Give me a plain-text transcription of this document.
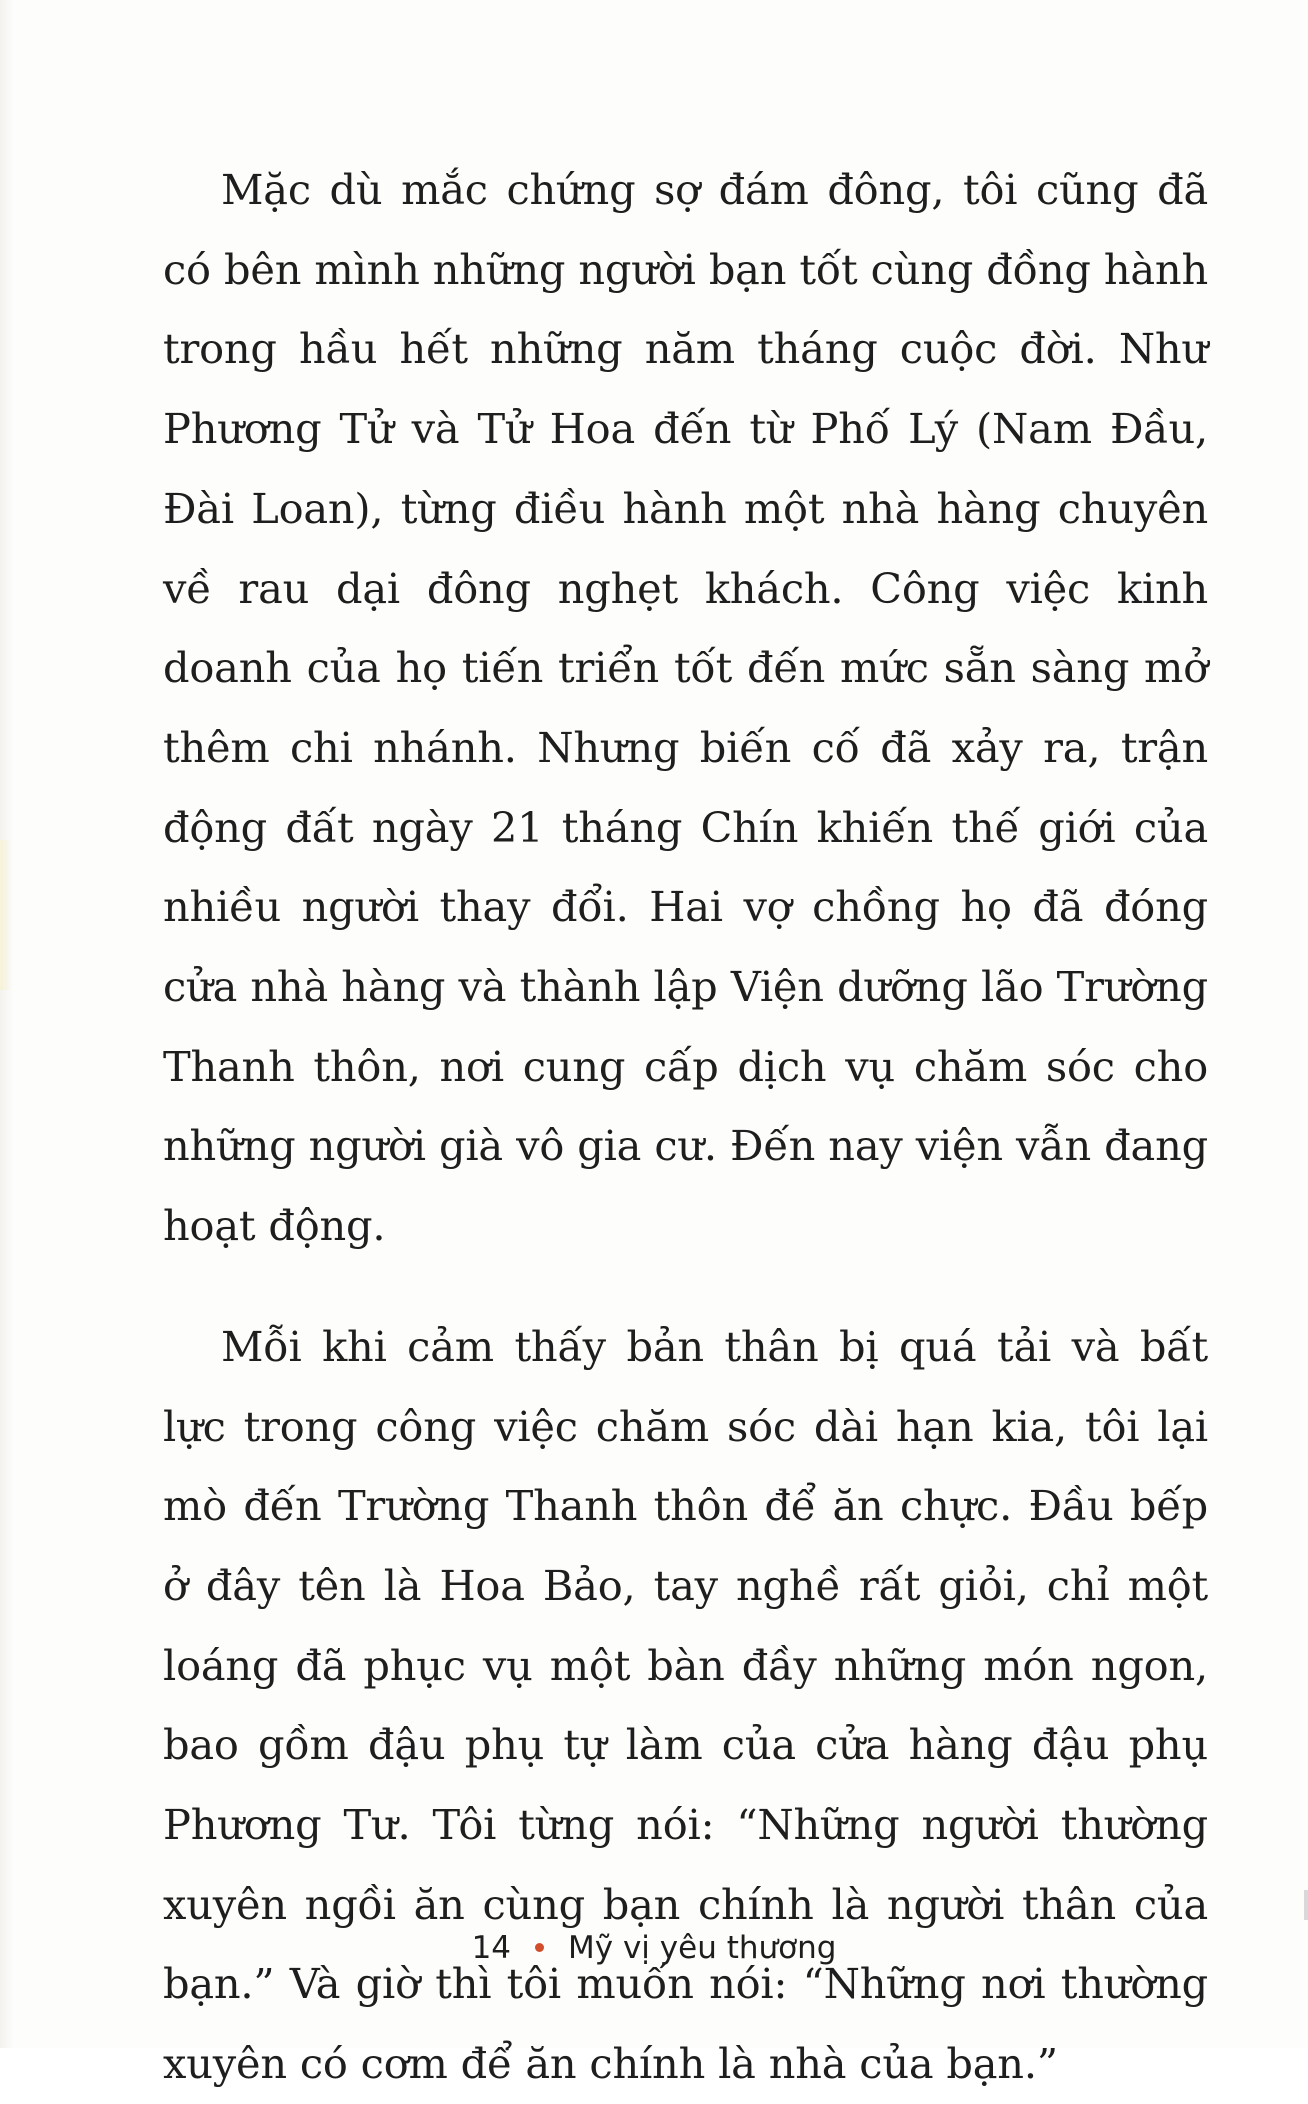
Mặc dù mắc chứng sợ đám đông, tôi cũng đã có bên mình những người bạn tốt cùng đồng hành trong hầu hết những năm tháng cuộc đời. Như Phương Tử và Tử Hoa đến từ Phố Lý (Nam Đầu, Đài Loan), từng điều hành một nhà hàng chuyên về rau dại đông nghẹt khách. Công việc kinh doanh của họ tiến triển tốt đến mức sẵn sàng mở thêm chi nhánh. Nhưng biến cố đã xảy ra, trận động đất ngày 21 tháng Chín khiến thế giới của nhiều người thay đổi. Hai vợ chồng họ đã đóng cửa nhà hàng và thành lập Viện dưỡng lão Trường Thanh thôn, nơi cung cấp dịch vụ chăm sóc cho những người già vô gia cư. Đến nay viện vẫn đang hoạt động.

Mỗi khi cảm thấy bản thân bị quá tải và bất lực trong công việc chăm sóc dài hạn kia, tôi lại mò đến Trường Thanh thôn để ăn chực. Đầu bếp ở đây tên là Hoa Bảo, tay nghề rất giỏi, chỉ một loáng đã phục vụ một bàn đầy những món ngon, bao gồm đậu phụ tự làm của cửa hàng đậu phụ Phương Tư. Tôi từng nói: “Những người thường xuyên ngồi ăn cùng bạn chính là người thân của bạn.” Và giờ thì tôi muốn nói: “Những nơi thường xuyên có cơm để ăn chính là nhà của bạn.”

14 Mỹ vị yêu thương
